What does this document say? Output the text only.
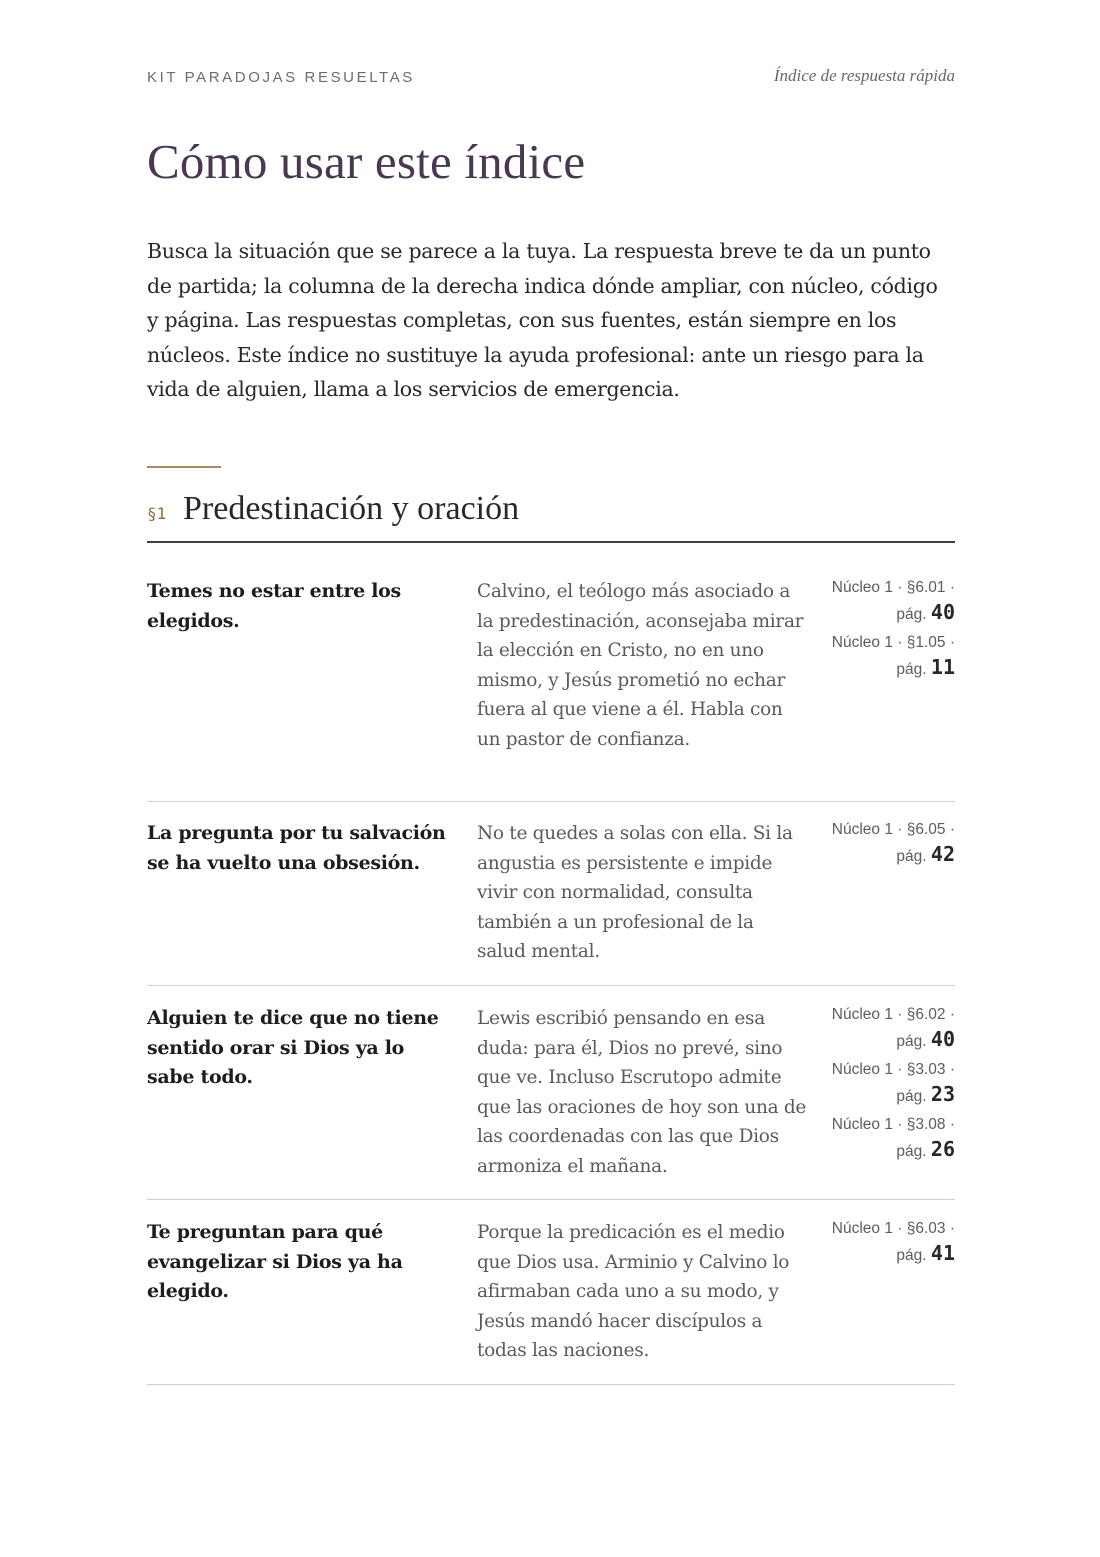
KIT PARADOJAS RESUELTAS	Índice de respuesta rápida
Cómo usar este índice

Busca la situación que se parece a la tuya. La respuesta breve te da un punto de partida; la columna de la derecha indica dónde ampliar, con núcleo, código y página. Las respuestas completas, con sus fuentes, están siempre en los núcleos. Este índice no sustituye la ayuda profesional: ante un riesgo para la vida de alguien, llama a los servicios de emergencia.

§1 Predestinación y oración

Temes no estar entre los elegidos.

Calvino, el teólogo más asociado a la predestinación, aconsejaba mirar la elección en Cristo, no en uno mismo, y Jesús prometió no echar fuera al que viene a él. Habla con un pastor de confianza.

Núcleo 1 · §6.01 ·
pág. 40
Núcleo 1 · §1.05 ·
pág. 11

La pregunta por tu salvación se ha vuelto una obsesión.

No te quedes a solas con ella. Si la angustia es persistente e impide vivir con normalidad, consulta también a un profesional de la salud mental.

Núcleo 1 · §6.05 ·
pág. 42

Alguien te dice que no tiene sentido orar si Dios ya lo sabe todo.

Lewis escribió pensando en esa duda: para él, Dios no prevé, sino que ve. Incluso Escrutopo admite que las oraciones de hoy son una de las coordenadas con las que Dios armoniza el mañana.

Núcleo 1 · §6.02 ·
pág. 40
Núcleo 1 · §3.03 ·
pág. 23
Núcleo 1 · §3.08 ·
pág. 26

Te preguntan para qué evangelizar si Dios ya ha elegido.

Porque la predicación es el medio que Dios usa. Arminio y Calvino lo afirmaban cada uno a su modo, y Jesús mandó hacer discípulos a todas las naciones.

Núcleo 1 · §6.03 ·
pág. 41
